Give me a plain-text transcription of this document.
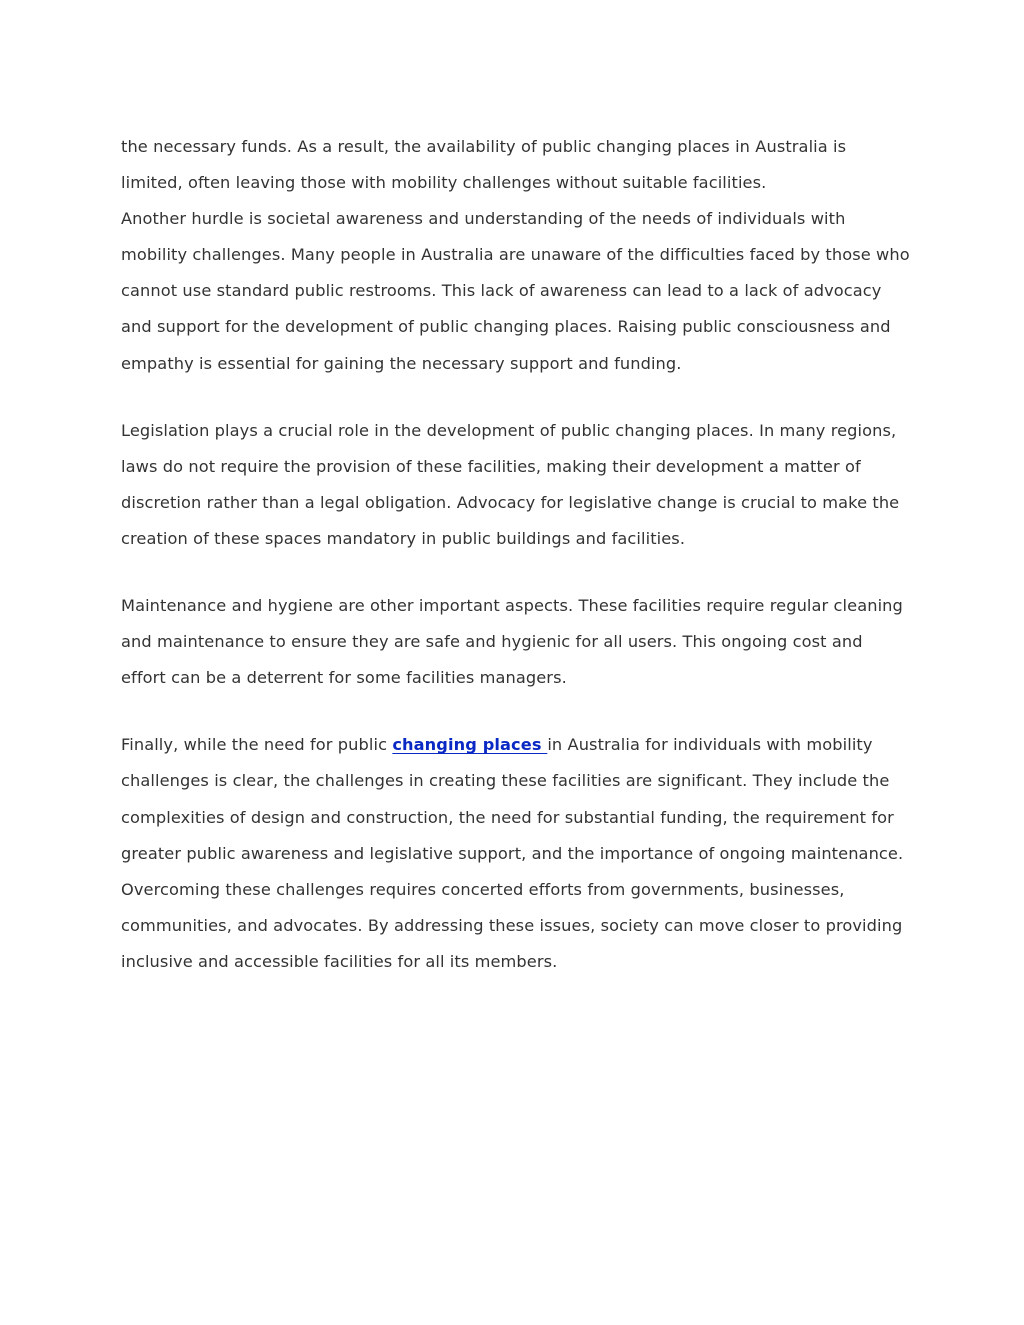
the necessary funds. As a result, the availability of public changing places in Australia is limited, often leaving those with mobility challenges without suitable facilities.

Another hurdle is societal awareness and understanding of the needs of individuals with mobility challenges. Many people in Australia are unaware of the difficulties faced by those who cannot use standard public restrooms. This lack of awareness can lead to a lack of advocacy and support for the development of public changing places. Raising public consciousness and empathy is essential for gaining the necessary support and funding.

Legislation plays a crucial role in the development of public changing places. In many regions, laws do not require the provision of these facilities, making their development a matter of discretion rather than a legal obligation. Advocacy for legislative change is crucial to make the creation of these spaces mandatory in public buildings and facilities.

Maintenance and hygiene are other important aspects. These facilities require regular cleaning and maintenance to ensure they are safe and hygienic for all users. This ongoing cost and effort can be a deterrent for some facilities managers.

Finally, while the need for public changing places in Australia for individuals with mobility challenges is clear, the challenges in creating these facilities are significant. They include the complexities of design and construction, the need for substantial funding, the requirement for greater public awareness and legislative support, and the importance of ongoing maintenance. Overcoming these challenges requires concerted efforts from governments, businesses, communities, and advocates. By addressing these issues, society can move closer to providing inclusive and accessible facilities for all its members.
